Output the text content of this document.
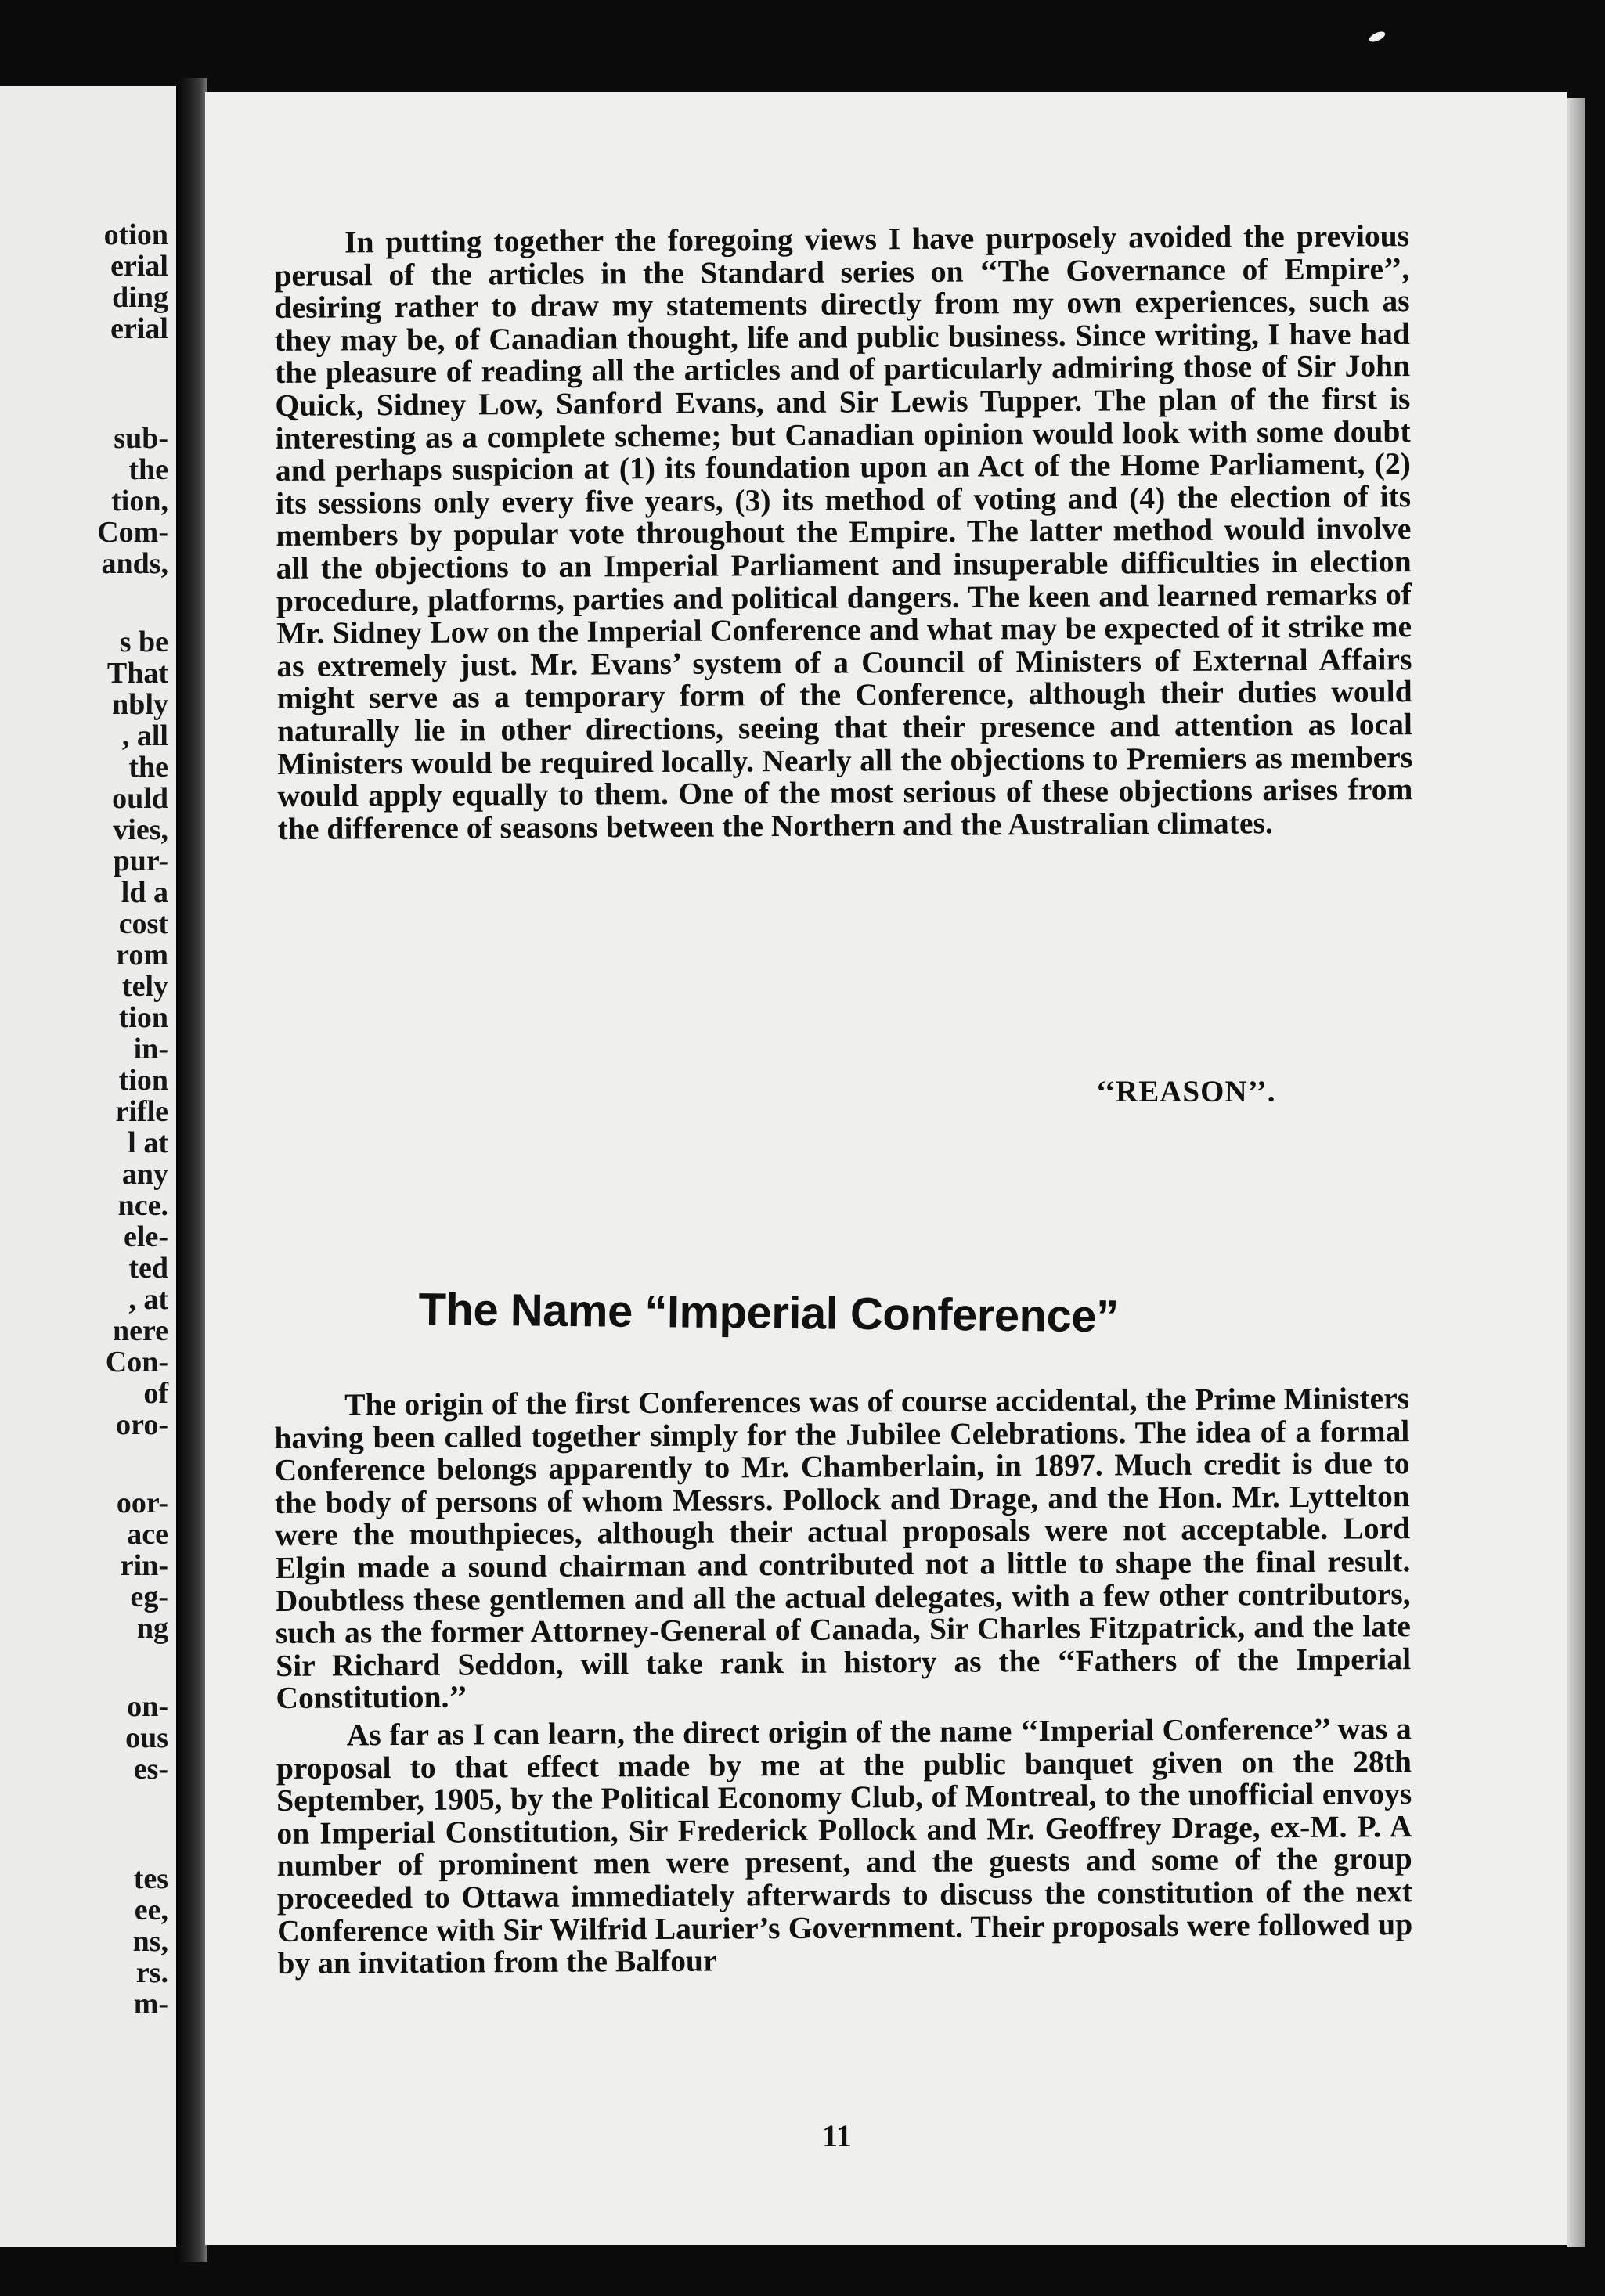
otion
erial
ding
erial
sub-
the
tion,
Com-
ands,
s be
That
nbly
, all
the
ould
vies,
pur-
ld a
cost
rom
tely
tion
in-
tion
rifle
l at
any
nce.
ele-
ted
, at
nere
Con-
of
oro-
oor-
ace
rin-
eg-
ng
on-
ous
es-
tes
ee,
ns,
rs.
m-

In putting together the foregoing views I have purposely avoided the previous perusal of the articles in the Standard series on ‘‘The Governance of Empire’’, desiring rather to draw my statements directly from my own experiences, such as they may be, of Canadian thought, life and public business. Since writing, I have had the pleasure of reading all the articles and of particularly admiring those of Sir John Quick, Sidney Low, Sanford Evans, and Sir Lewis Tupper. The plan of the first is interesting as a complete scheme; but Canadian opinion would look with some doubt and perhaps suspicion at (1) its foundation upon an Act of the Home Parliament, (2) its sessions only every five years, (3) its method of voting and (4) the election of its members by popular vote throughout the Empire. The latter method would involve all the objections to an Imperial Parliament and insuperable difficulties in election procedure, platforms, parties and political dangers. The keen and learned remarks of Mr. Sidney Low on the Imperial Conference and what may be expected of it strike me as extremely just. Mr. Evans’ system of a Council of Ministers of External Affairs might serve as a temporary form of the Conference, although their duties would naturally lie in other directions, seeing that their presence and attention as local Ministers would be required locally. Nearly all the objections to Premiers as members would apply equally to them. One of the most serious of these objections arises from the difference of seasons between the Northern and the Australian climates.

‘‘REASON’’.
The Name “Imperial Conference”

The origin of the first Conferences was of course accidental, the Prime Ministers having been called together simply for the Jubilee Celebrations. The idea of a formal Conference belongs apparently to Mr. Chamberlain, in 1897. Much credit is due to the body of persons of whom Messrs. Pollock and Drage, and the Hon. Mr. Lyttelton were the mouthpieces, although their actual proposals were not acceptable. Lord Elgin made a sound chairman and contributed not a little to shape the final result. Doubtless these gentlemen and all the actual delegates, with a few other contributors, such as the former Attorney-General of Canada, Sir Charles Fitzpatrick, and the late Sir Richard Seddon, will take rank in history as the ‘‘Fathers of the Imperial Constitution.’’

As far as I can learn, the direct origin of the name ‘‘Imperial Conference’’ was a proposal to that effect made by me at the public banquet given on the 28th September, 1905, by the Political Economy Club, of Montreal, to the unofficial envoys on Imperial Constitution, Sir Frederick Pollock and Mr. Geoffrey Drage, ex-M. P. A number of prominent men were present, and the guests and some of the group proceeded to Ottawa immediately afterwards to discuss the constitution of the next Conference with Sir Wilfrid Laurier’s Government. Their proposals were followed up by an invitation from the Balfour

11
